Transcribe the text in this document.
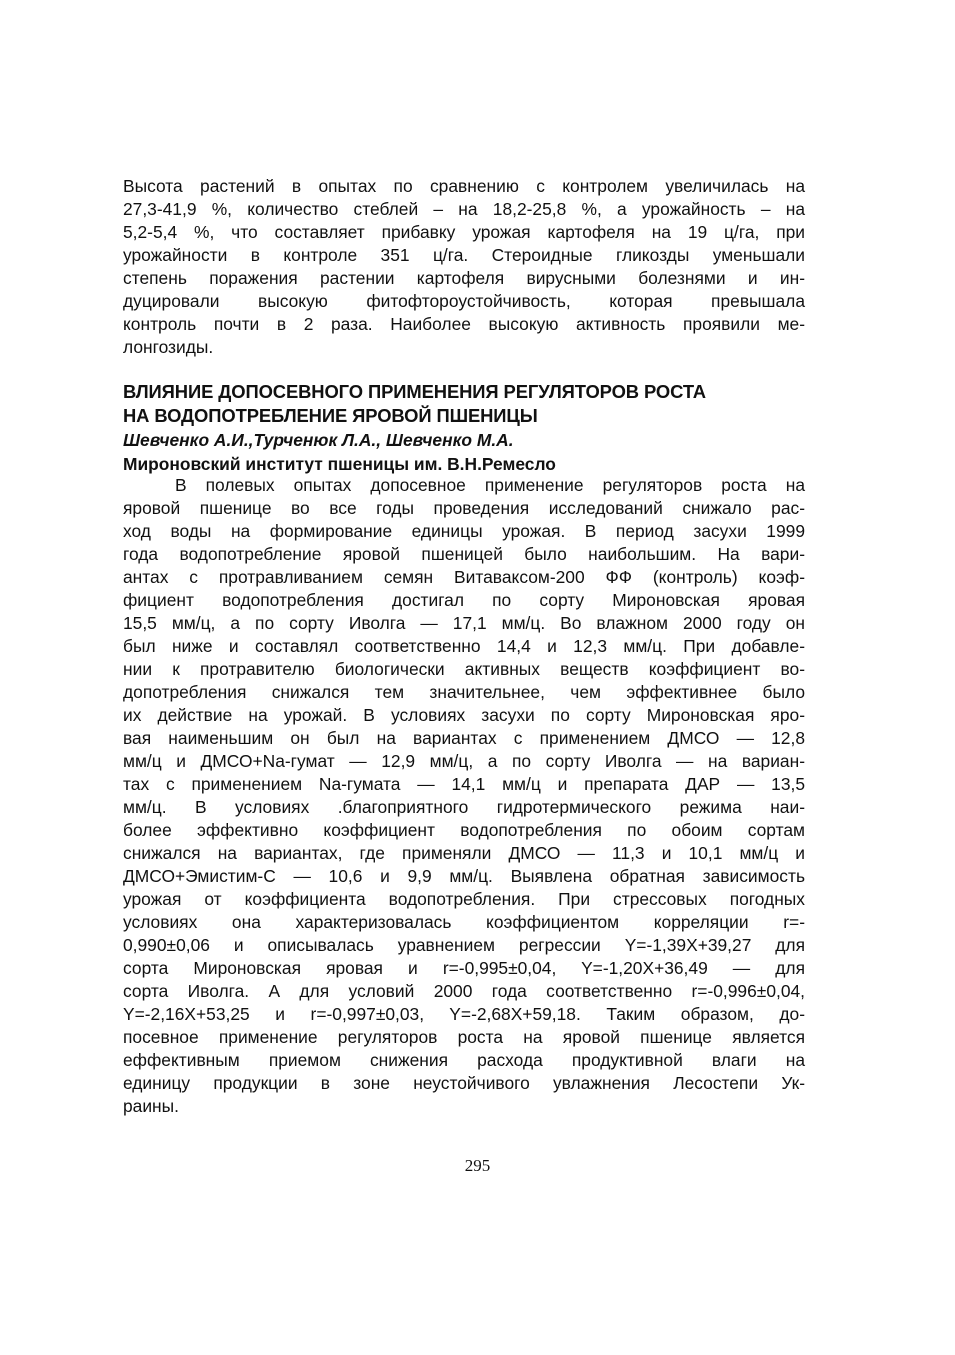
Высота растений в опытах по сравнению с контролем увеличилась на
27,3-41,9 %, количество стеблей – на 18,2-25,8 %, а урожайность – на
5,2-5,4 %, что составляет прибавку урожая картофеля на 19 ц/га, при
урожайности в контроле 351 ц/га. Стероидные гликозды уменьшали
степень поражения растении картофеля вирусными болезнями и ин-
дуцировали высокую фитофтороустойчивость, которая превышала
контроль почти в 2 раза. Наиболее высокую активность проявили ме-
лонгозиды.
ВЛИЯНИЕ ДОПОСЕВНОГО ПРИМЕНЕНИЯ РЕГУЛЯТОРОВ РОСТА
НА ВОДОПОТРЕБЛЕНИЕ ЯРОВОЙ ПШЕНИЦЫ
Шевченко А.И.,Турченюк Л.А., Шевченко М.А.
Мироновский институт пшеницы им. В.Н.Ремесло
В полевых опытах допосевное применение регуляторов роста на
яровой пшенице во все годы проведения исследований снижало рас-
ход воды на формирование единицы урожая. В период засухи 1999
года водопотребление яровой пшеницей было наибольшим. На вари-
антах с протравливанием семян Витаваксом-200 ФФ (контроль) коэф-
фициент водопотребления достигал по сорту Мироновская яровая
15,5 мм/ц, а по сорту Иволга — 17,1 мм/ц. Во влажном 2000 году он
был ниже и составлял соответственно 14,4 и 12,3 мм/ц. При добавле-
нии к протравителю биологически активных веществ коэффициент во-
допотребления снижался тем значительнее, чем эффективнее было
их действие на урожай. В условиях засухи по сорту Мироновская яро-
вая наименьшим он был на вариантах с применением ДМСО — 12,8
мм/ц и ДМСО+Na-гумат — 12,9 мм/ц, а по сорту Иволга — на вариан-
тах с применением Na-гумата — 14,1 мм/ц и препарата ДАР — 13,5
мм/ц. В условиях .благоприятного гидротермического режима наи-
более эффективно коэффициент водопотребления по обоим сортам
снижался на вариантах, где применяли ДМСО — 11,3 и 10,1 мм/ц и
ДМСО+Эмистим-С — 10,6 и 9,9 мм/ц. Выявлена обратная зависимость
урожая от коэффициента водопотребления. При стрессовых погодных
условиях она характеризовалась коэффициентом корреляции r=-
0,990±0,06 и описывалась уравнением регрессии Y=-1,39X+39,27 для
сорта Мироновская яровая и r=-0,995±0,04, Y=-1,20X+36,49 — для
сорта Иволга. А для условий 2000 года соответственно r=-0,996±0,04,
Y=-2,16X+53,25 и r=-0,997±0,03, Y=-2,68X+59,18. Таким образом, до-
посевное применение регуляторов роста на яровой пшенице является
еффективным приемом снижения расхода продуктивной влаги на
единицу продукции в зоне неустойчивого увлажнения Лесостепи Ук-
раины.
295
